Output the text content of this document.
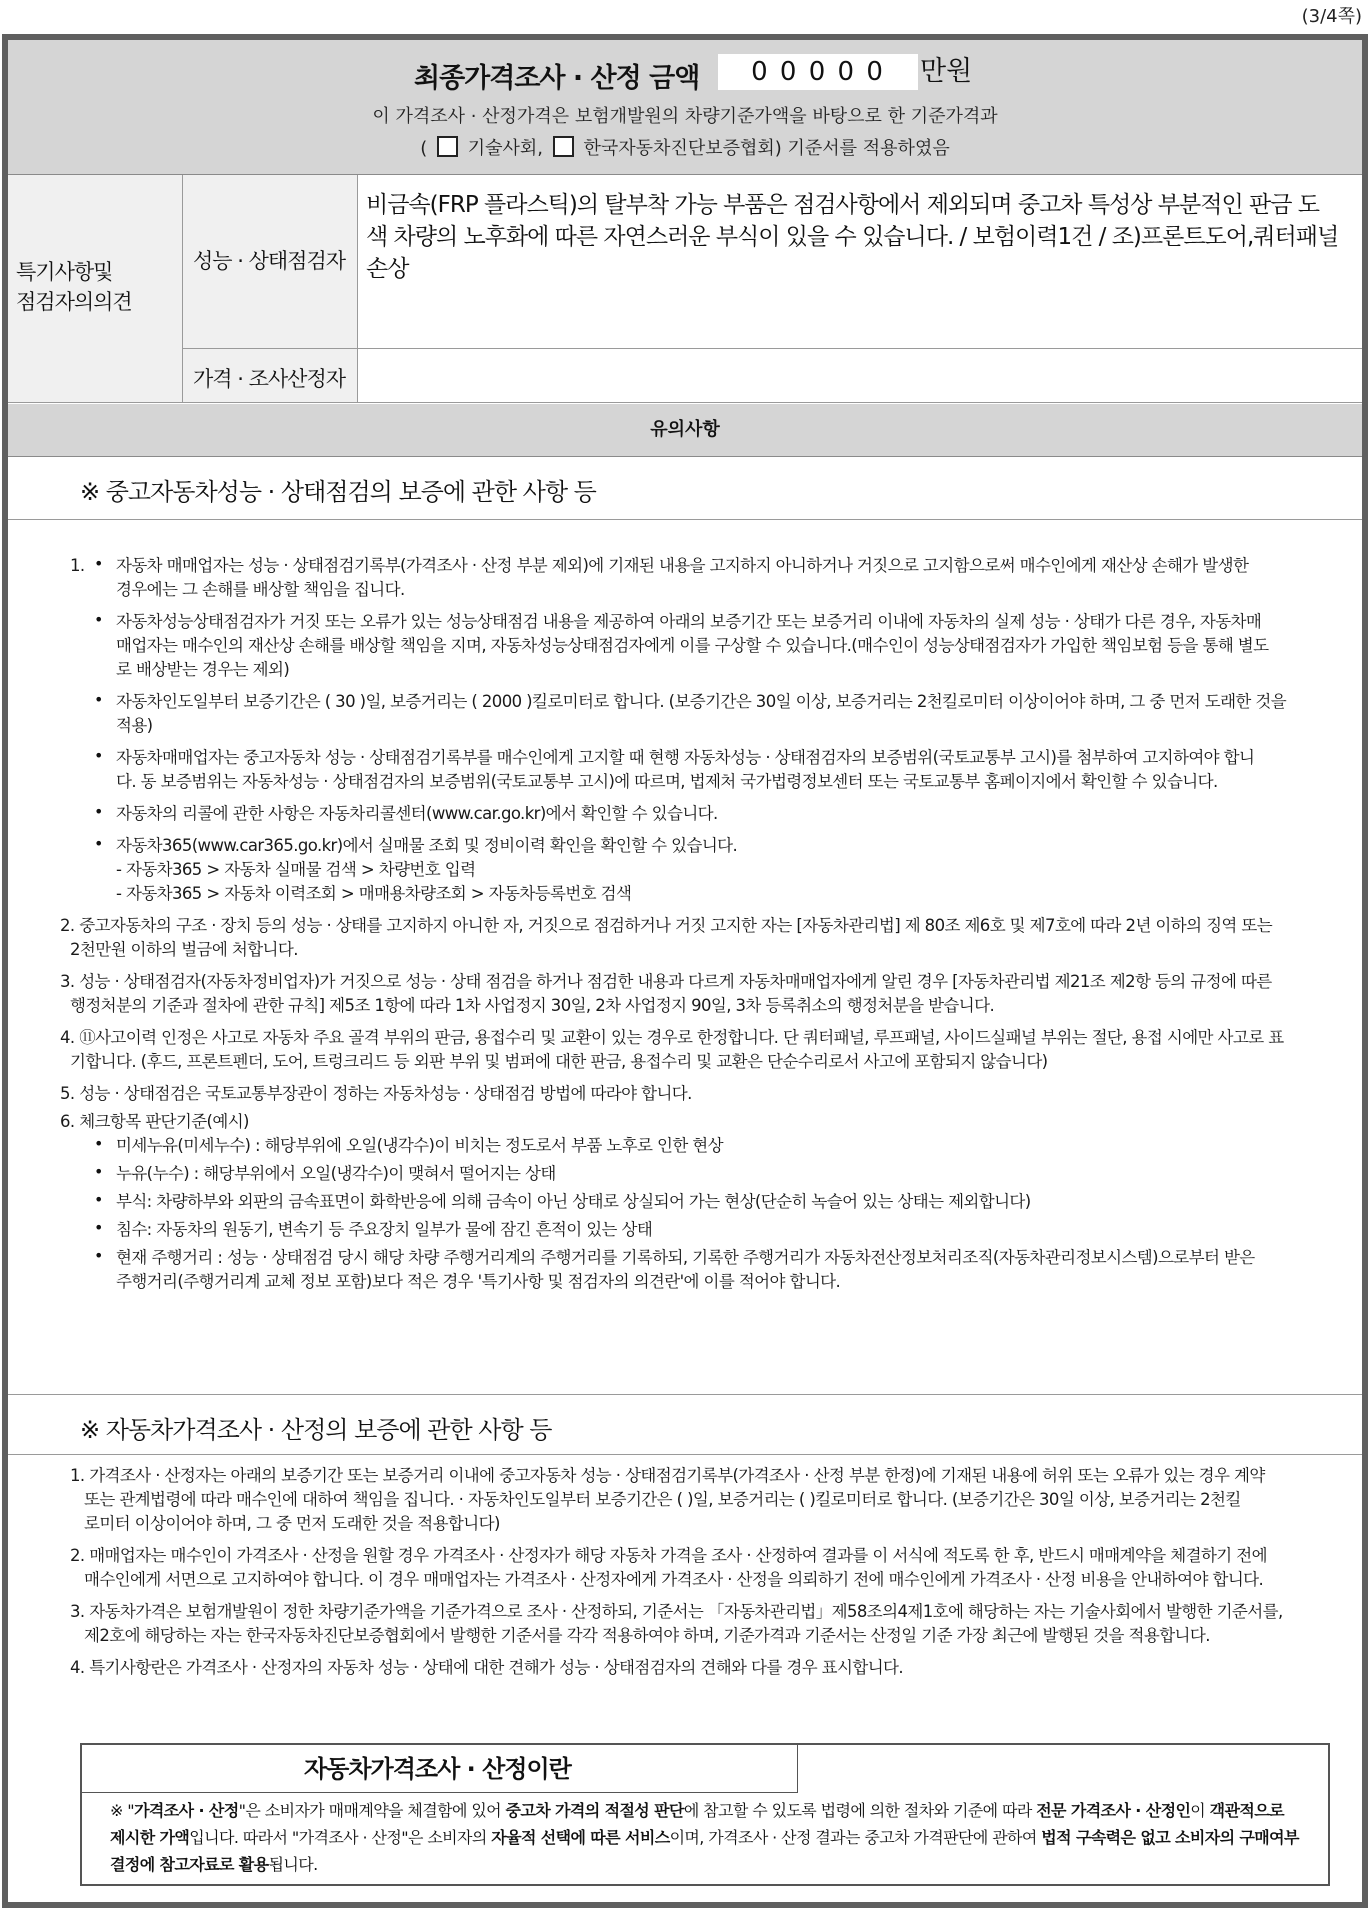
(3/4쪽)
최종가격조사 · 산정 금액	0 0 0 0 0	만원
이 가격조사 · 산정가격은 보험개발원의 차량기준가액을 바탕으로 한 기준가격과
( 기술사회, 한국자동차진단보증협회) 기준서를 적용하였음
특기사항및
점검자의의견
성능 · 상태점검자
비금속(FRP 플라스틱)의 탈부착 가능 부품은 점검사항에서 제외되며 중고차 특성상 부분적인 판금 도
색 차량의 노후화에 따른 자연스러운 부식이 있을 수 있습니다. / 보험이력1건 / 조)프론트도어,쿼터패널
손상
가격 · 조사산정자
유의사항
※ 중고자동차성능 · 상태점검의 보증에 관한 사항 등
1. 자동차 매매업자는 성능 · 상태점검기록부(가격조사 · 산정 부분 제외)에 기재된 내용을 고지하지 아니하거나 거짓으로 고지함으로써 매수인에게 재산상 손해가 발생한
경우에는 그 손해를 배상할 책임을 집니다.
자동차성능상태점검자가 거짓 또는 오류가 있는 성능상태점검 내용을 제공하여 아래의 보증기간 또는 보증거리 이내에 자동차의 실제 성능 · 상태가 다른 경우, 자동차매
매업자는 매수인의 재산상 손해를 배상할 책임을 지며, 자동차성능상태점검자에게 이를 구상할 수 있습니다.(매수인이 성능상태점검자가 가입한 책임보험 등을 통해 별도
로 배상받는 경우는 제외)
자동차인도일부터 보증기간은 ( 30 )일, 보증거리는 ( 2000 )킬로미터로 합니다. (보증기간은 30일 이상, 보증거리는 2천킬로미터 이상이어야 하며, 그 중 먼저 도래한 것을
적용)
자동차매매업자는 중고자동차 성능 · 상태점검기록부를 매수인에게 고지할 때 현행 자동차성능 · 상태점검자의 보증범위(국토교통부 고시)를 첨부하여 고지하여야 합니
다. 동 보증범위는 자동차성능 · 상태점검자의 보증범위(국토교통부 고시)에 따르며, 법제처 국가법령정보센터 또는 국토교통부 홈페이지에서 확인할 수 있습니다.
자동차의 리콜에 관한 사항은 자동차리콜센터(www.car.go.kr)에서 확인할 수 있습니다.
자동차365(www.car365.go.kr)에서 실매물 조회 및 정비이력 확인을 확인할 수 있습니다.
- 자동차365 > 자동차 실매물 검색 > 차량번호 입력
- 자동차365 > 자동차 이력조회 > 매매용차량조회 > 자동차등록번호 검색
2. 중고자동차의 구조 · 장치 등의 성능 · 상태를 고지하지 아니한 자, 거짓으로 점검하거나 거짓 고지한 자는 [자동차관리법] 제 80조 제6호 및 제7호에 따라 2년 이하의 징역 또는
2천만원 이하의 벌금에 처합니다.
3. 성능 · 상태점검자(자동차정비업자)가 거짓으로 성능 · 상태 점검을 하거나 점검한 내용과 다르게 자동차매매업자에게 알린 경우 [자동차관리법 제21조 제2항 등의 규정에 따른
행정처분의 기준과 절차에 관한 규칙] 제5조 1항에 따라 1차 사업정지 30일, 2차 사업정지 90일, 3차 등록취소의 행정처분을 받습니다.
4. ⑪사고이력 인정은 사고로 자동차 주요 골격 부위의 판금, 용접수리 및 교환이 있는 경우로 한정합니다. 단 쿼터패널, 루프패널, 사이드실패널 부위는 절단, 용접 시에만 사고로 표
기합니다. (후드, 프론트펜더, 도어, 트렁크리드 등 외판 부위 및 범퍼에 대한 판금, 용접수리 및 교환은 단순수리로서 사고에 포함되지 않습니다)
5. 성능 · 상태점검은 국토교통부장관이 정하는 자동차성능 · 상태점검 방법에 따라야 합니다.
6. 체크항목 판단기준(예시)
미세누유(미세누수) : 해당부위에 오일(냉각수)이 비치는 정도로서 부품 노후로 인한 현상
누유(누수) : 해당부위에서 오일(냉각수)이 맺혀서 떨어지는 상태
부식: 차량하부와 외판의 금속표면이 화학반응에 의해 금속이 아닌 상태로 상실되어 가는 현상(단순히 녹슬어 있는 상태는 제외합니다)
침수: 자동차의 원동기, 변속기 등 주요장치 일부가 물에 잠긴 흔적이 있는 상태
현재 주행거리 : 성능 · 상태점검 당시 해당 차량 주행거리계의 주행거리를 기록하되, 기록한 주행거리가 자동차전산정보처리조직(자동차관리정보시스템)으로부터 받은
주행거리(주행거리계 교체 정보 포함)보다 적은 경우 '특기사항 및 점검자의 의견란'에 이를 적어야 합니다.
•
•
•
•
•
•
•
•
•
•
•
※ 자동차가격조사 · 산정의 보증에 관한 사항 등
1. 가격조사 · 산정자는 아래의 보증기간 또는 보증거리 이내에 중고자동차 성능 · 상태점검기록부(가격조사 · 산정 부분 한정)에 기재된 내용에 허위 또는 오류가 있는 경우 계약
또는 관계법령에 따라 매수인에 대하여 책임을 집니다. · 자동차인도일부터 보증기간은 ( )일, 보증거리는 ( )킬로미터로 합니다. (보증기간은 30일 이상, 보증거리는 2천킬
로미터 이상이어야 하며, 그 중 먼저 도래한 것을 적용합니다)
2. 매매업자는 매수인이 가격조사 · 산정을 원할 경우 가격조사 · 산정자가 해당 자동차 가격을 조사 · 산정하여 결과를 이 서식에 적도록 한 후, 반드시 매매계약을 체결하기 전에
매수인에게 서면으로 고지하여야 합니다. 이 경우 매매업자는 가격조사 · 산정자에게 가격조사 · 산정을 의뢰하기 전에 매수인에게 가격조사 · 산정 비용을 안내하여야 합니다.
3. 자동차가격은 보험개발원이 정한 차량기준가액을 기준가격으로 조사 · 산정하되, 기준서는 「자동차관리법」제58조의4제1호에 해당하는 자는 기술사회에서 발행한 기준서를,
제2호에 해당하는 자는 한국자동차진단보증협회에서 발행한 기준서를 각각 적용하여야 하며, 기준가격과 기준서는 산정일 기준 가장 최근에 발행된 것을 적용합니다.
4. 특기사항란은 가격조사 · 산정자의 자동차 성능 · 상태에 대한 견해가 성능 · 상태점검자의 견해와 다를 경우 표시합니다.
자동차가격조사 · 산정이란
※ "가격조사 · 산정"은 소비자가 매매계약을 체결함에 있어 중고차 가격의 적절성 판단에 참고할 수 있도록 법령에 의한 절차와 기준에 따라 전문 가격조사 · 산정인이 객관적으로
제시한 가액입니다. 따라서 "가격조사 · 산정"은 소비자의 자율적 선택에 따른 서비스이며, 가격조사 · 산정 결과는 중고차 가격판단에 관하여 법적 구속력은 없고 소비자의 구매여부
결정에 참고자료로 활용됩니다.
